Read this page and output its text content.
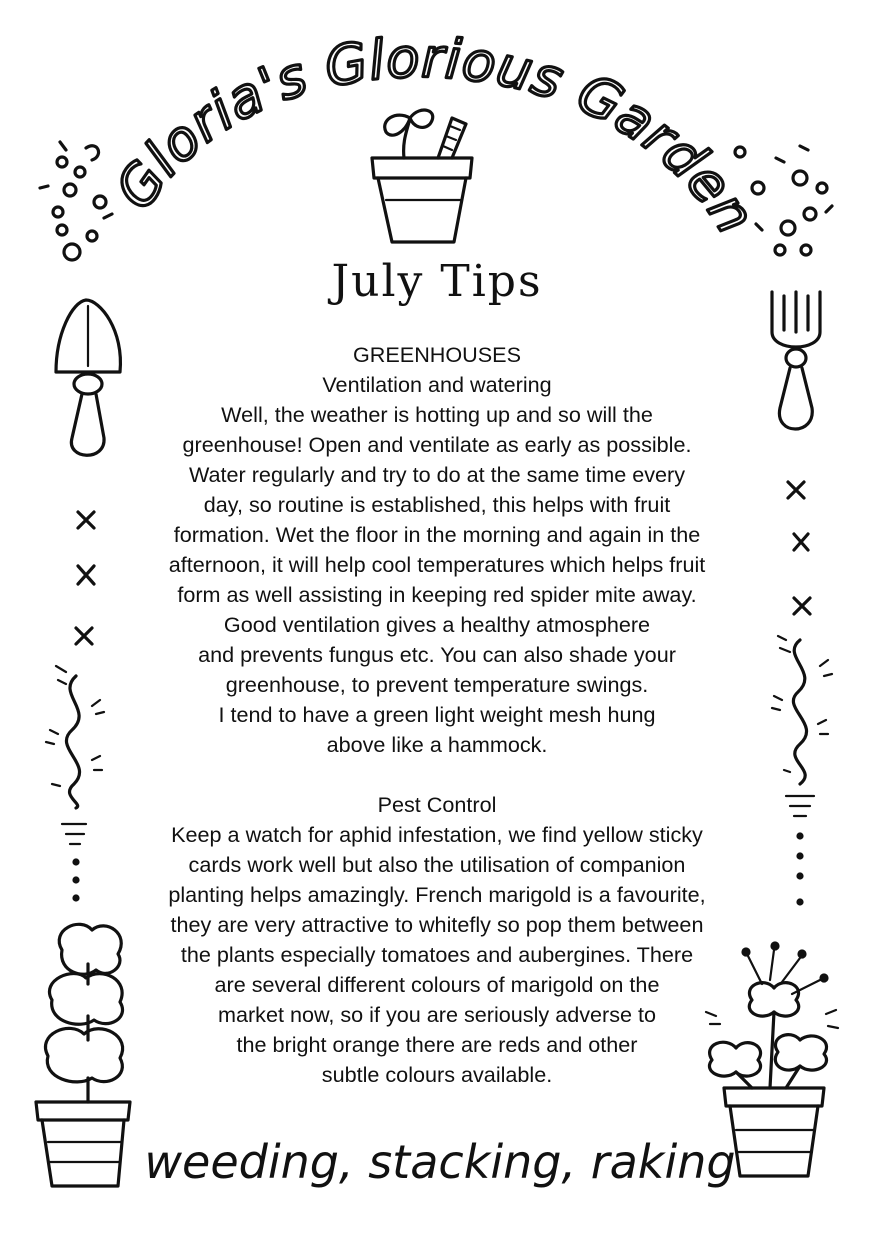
Gloria's Glorious Garden
July Tips
weeding, stacking, raking

GREENHOUSES

Ventilation and watering

Well, the weather is hotting up and so will the

greenhouse! Open and ventilate as early as possible.

Water regularly and try to do at the same time every

day, so routine is established, this helps with fruit

formation. Wet the floor in the morning and again in the

afternoon, it will help cool temperatures which helps fruit

form as well assisting in keeping red spider mite away.

Good ventilation gives a healthy atmosphere

and prevents fungus etc. You can also shade your

greenhouse, to prevent temperature swings.

I tend to have a green light weight mesh hung

above like a hammock.

Pest Control

Keep a watch for aphid infestation, we find yellow sticky

cards work well but also the utilisation of companion

planting helps amazingly. French marigold is a favourite,

they are very attractive to whitefly so pop them between

the plants especially tomatoes and aubergines. There

are several different colours of marigold on the

market now, so if you are seriously adverse to

the bright orange there are reds and other

subtle colours available.
